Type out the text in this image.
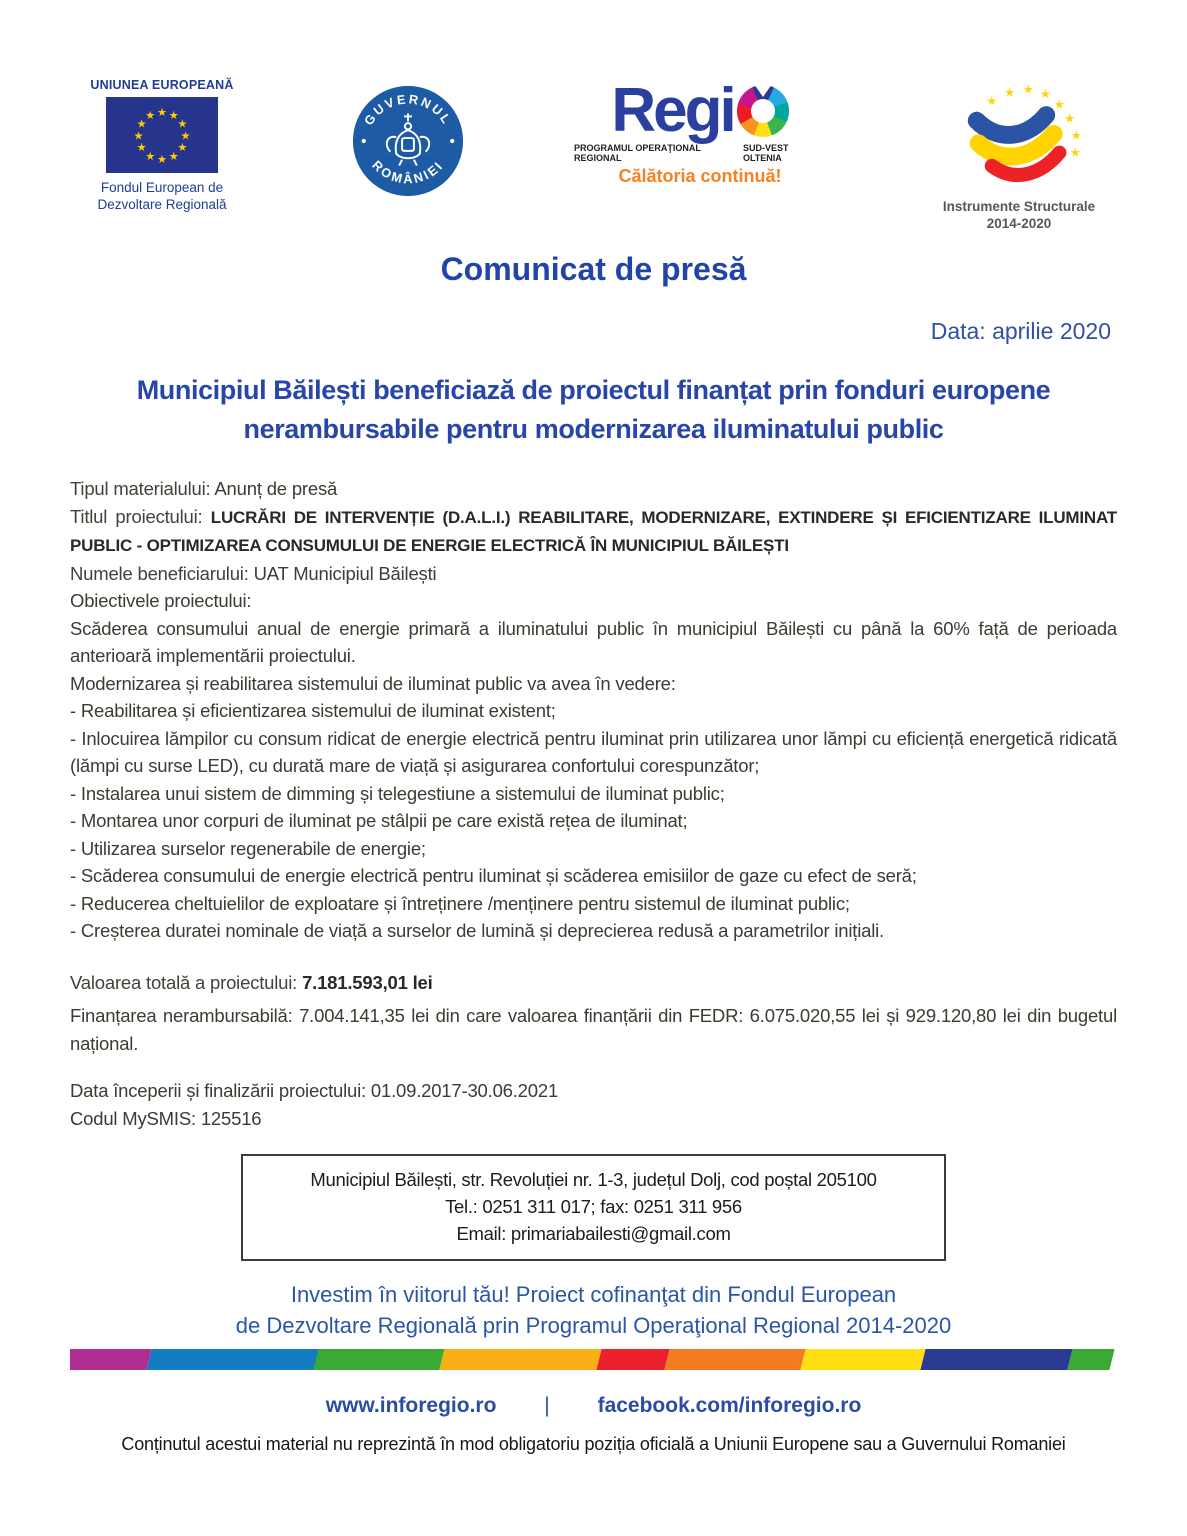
UNIUNEA EUROPEANĂ
★ ★
★
★
★
★
★
★
★
★
★
★
Fondul European de Dezvoltare Regională
GUVERNUL
ROMÂNIEI
Regi
PROGRAMUL OPERAŢIONAL REGIONAL
SUD-VEST OLTENIA
Călătoria continuă!
★
★
★ ★ ★
★
★
★
★
Instrumente Structurale
2014-2020
Comunicat de presă
Data: aprilie 2020
Municipiul Băilești beneficiază de proiectul finanțat prin fonduri europene nerambursabile pentru modernizarea iluminatului public

Tipul materialului: Anunț de presă

Titlul proiectului: LUCRĂRI DE INTERVENȚIE (D.A.L.I.) REABILITARE, MODERNIZARE, EXTINDERE ȘI EFICIENTIZARE ILUMINAT PUBLIC - OPTIMIZAREA CONSUMULUI DE ENERGIE ELECTRICĂ ÎN MUNICIPIUL BĂILEȘTI

Numele beneficiarului: UAT Municipiul Băilești

Obiectivele proiectului:

Scăderea consumului anual de energie primară a iluminatului public în municipiul Băilești cu până la 60% față de perioada anterioară implementării proiectului.

Modernizarea și reabilitarea sistemului de iluminat public va avea în vedere:

- Reabilitarea și eficientizarea sistemului de iluminat existent;

- Inlocuirea lămpilor cu consum ridicat de energie electrică pentru iluminat prin utilizarea unor lămpi cu eficiență energetică ridicată (lămpi cu surse LED), cu durată mare de viață și asigurarea confortului corespunzător;

- Instalarea unui sistem de dimming și telegestiune a sistemului de iluminat public;

- Montarea unor corpuri de iluminat pe stâlpii pe care există rețea de iluminat;

- Utilizarea surselor regenerabile de energie;

- Scăderea consumului de energie electrică pentru iluminat și scăderea emisiilor de gaze cu efect de seră;

- Reducerea cheltuielilor de exploatare și întreținere /menținere pentru sistemul de iluminat public;

- Creșterea duratei nominale de viață a surselor de lumină și deprecierea redusă a parametrilor inițiali.

Valoarea totală a proiectului: 7.181.593,01 lei

Finanțarea nerambursabilă: 7.004.141,35 lei din care valoarea finanțării din FEDR: 6.075.020,55 lei și 929.120,80 lei din bugetul național.

Data începerii și finalizării proiectului: 01.09.2017-30.06.2021

Codul MySMIS: 125516

Municipiul Băilești, str. Revoluției nr. 1-3, județul Dolj, cod poștal 205100
Tel.: 0251 311 017; fax: 0251 311 956
Email: primariabailesti@gmail.com
Investim în viitorul tău! Proiect cofinanţat din Fondul European
de Dezvoltare Regională prin Programul Operaţional Regional 2014-2020
www.inforegio.ro | facebook.com/inforegio.ro
Conținutul acestui material nu reprezintă în mod obligatoriu poziția oficială a Uniunii Europene sau a Guvernului Romaniei
